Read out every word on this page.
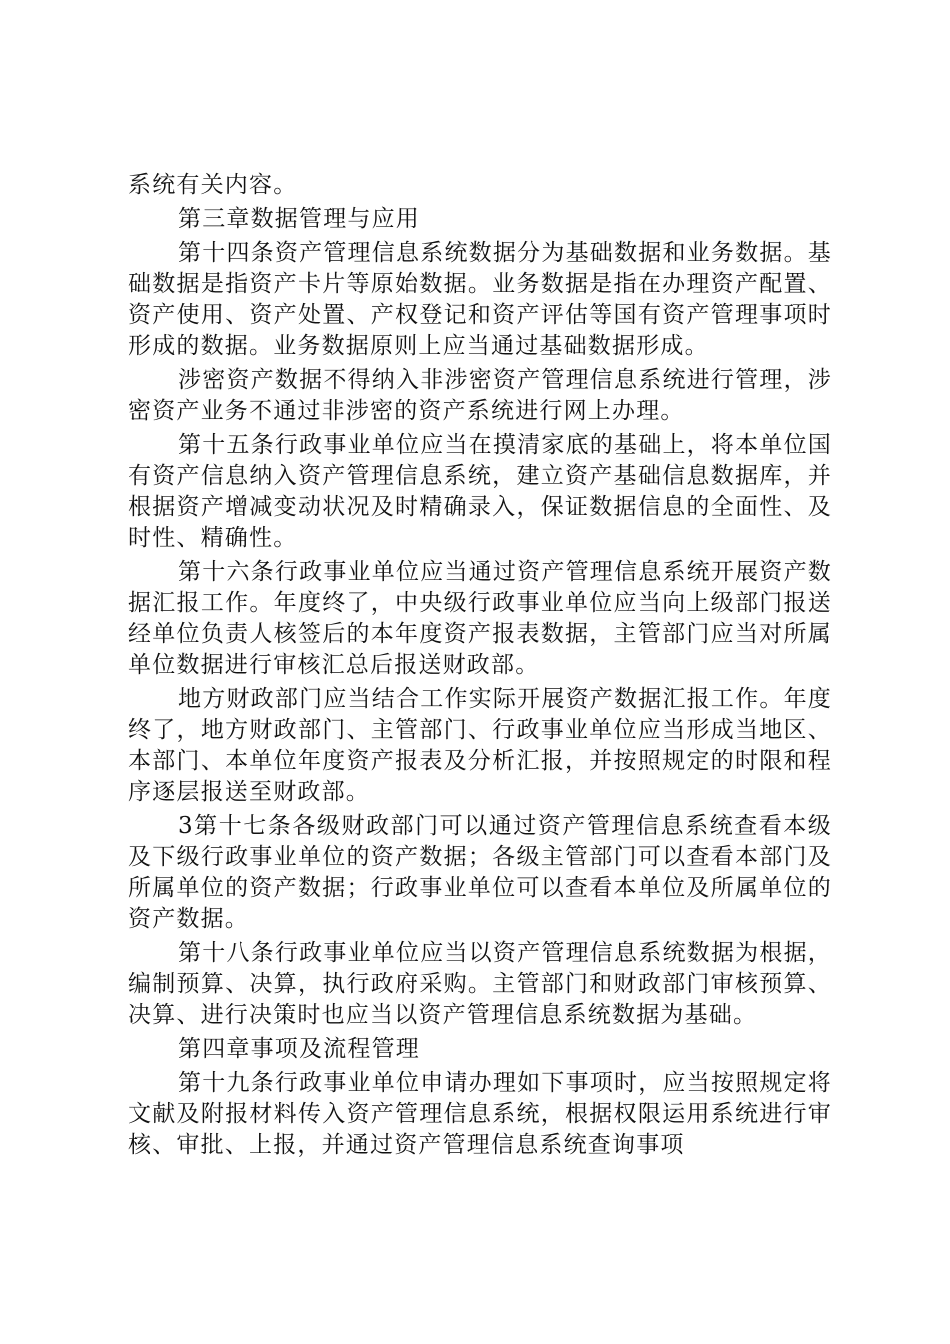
系统有关内容。

第三章数据管理与应用

第十四条资产管理信息系统数据分为基础数据和业务数据。基础数据是指资产卡片等原始数据。业务数据是指在办理资产配置、资产使用、资产处置、产权登记和资产评估等国有资产管理事项时形成的数据。业务数据原则上应当通过基础数据形成。

涉密资产数据不得纳入非涉密资产管理信息系统进行管理，涉密资产业务不通过非涉密的资产系统进行网上办理。

第十五条行政事业单位应当在摸清家底的基础上，将本单位国有资产信息纳入资产管理信息系统，建立资产基础信息数据库，并根据资产增减变动状况及时精确录入，保证数据信息的全面性、及时性、精确性。

第十六条行政事业单位应当通过资产管理信息系统开展资产数据汇报工作。年度终了，中央级行政事业单位应当向上级部门报送经单位负责人核签后的本年度资产报表数据，主管部门应当对所属单位数据进行审核汇总后报送财政部。

地方财政部门应当结合工作实际开展资产数据汇报工作。年度终了，地方财政部门、主管部门、行政事业单位应当形成当地区、本部门、本单位年度资产报表及分析汇报，并按照规定的时限和程序逐层报送至财政部。

3第十七条各级财政部门可以通过资产管理信息系统查看本级及下级行政事业单位的资产数据；各级主管部门可以查看本部门及所属单位的资产数据；行政事业单位可以查看本单位及所属单位的资产数据。

第十八条行政事业单位应当以资产管理信息系统数据为根据，编制预算、决算，执行政府采购。主管部门和财政部门审核预算、决算、进行决策时也应当以资产管理信息系统数据为基础。

第四章事项及流程管理

第十九条行政事业单位申请办理如下事项时，应当按照规定将文献及附报材料传入资产管理信息系统，根据权限运用系统进行审核、审批、上报，并通过资产管理信息系统查询事项
